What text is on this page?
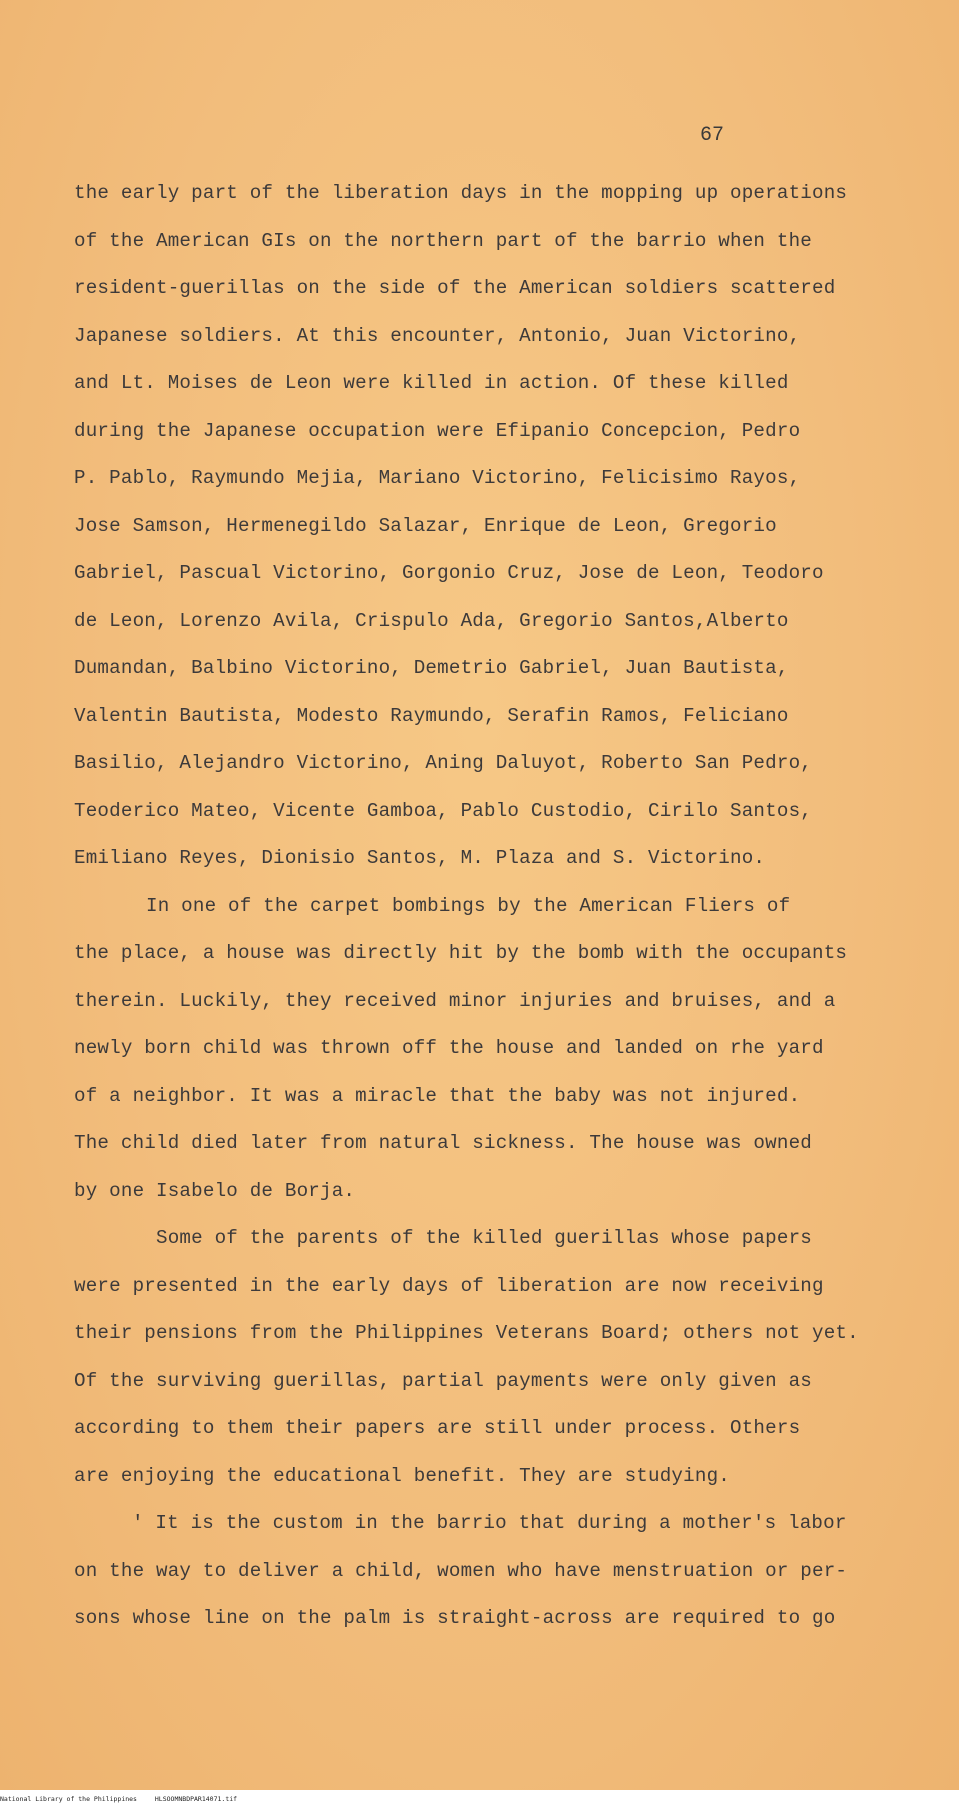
67
the early part of the liberation days in the mopping up operations
of the American GIs on the northern part of the barrio when the
resident-guerillas on the side of the American soldiers scattered
Japanese soldiers. At this encounter, Antonio, Juan Victorino,
and Lt. Moises de Leon were killed in action. Of these killed
during the Japanese occupation were Efipanio Concepcion, Pedro
P. Pablo, Raymundo Mejia, Mariano Victorino, Felicisimo Rayos,
Jose Samson, Hermenegildo Salazar, Enrique de Leon, Gregorio
Gabriel, Pascual Victorino, Gorgonio Cruz, Jose de Leon, Teodoro
de Leon, Lorenzo Avila, Crispulo Ada, Gregorio Santos,Alberto
Dumandan, Balbino Victorino, Demetrio Gabriel, Juan Bautista,
Valentin Bautista, Modesto Raymundo, Serafin Ramos, Feliciano
Basilio, Alejandro Victorino, Aning Daluyot, Roberto San Pedro,
Teoderico Mateo, Vicente Gamboa, Pablo Custodio, Cirilo Santos,
Emiliano Reyes, Dionisio Santos, M. Plaza and S. Victorino.
In one of the carpet bombings by the American Fliers of
the place, a house was directly hit by the bomb with the occupants
therein. Luckily, they received minor injuries and bruises, and a
newly born child was thrown off the house and landed on rhe yard
of a neighbor. It was a miracle that the baby was not injured.
The child died later from natural sickness. The house was owned
by one Isabelo de Borja.
Some of the parents of the killed guerillas whose papers
were presented in the early days of liberation are now receiving
their pensions from the Philippines Veterans Board; others not yet.
Of the surviving guerillas, partial payments were only given as
according to them their papers are still under process. Others
are enjoying the educational benefit. They are studying.
' It is the custom in the barrio that during a mother's labor
on the way to deliver a child, women who have menstruation or per-
sons whose line on the palm is straight-across are required to go
National Library of the Philippines	HLSOOMNBDPAR14071.tif
